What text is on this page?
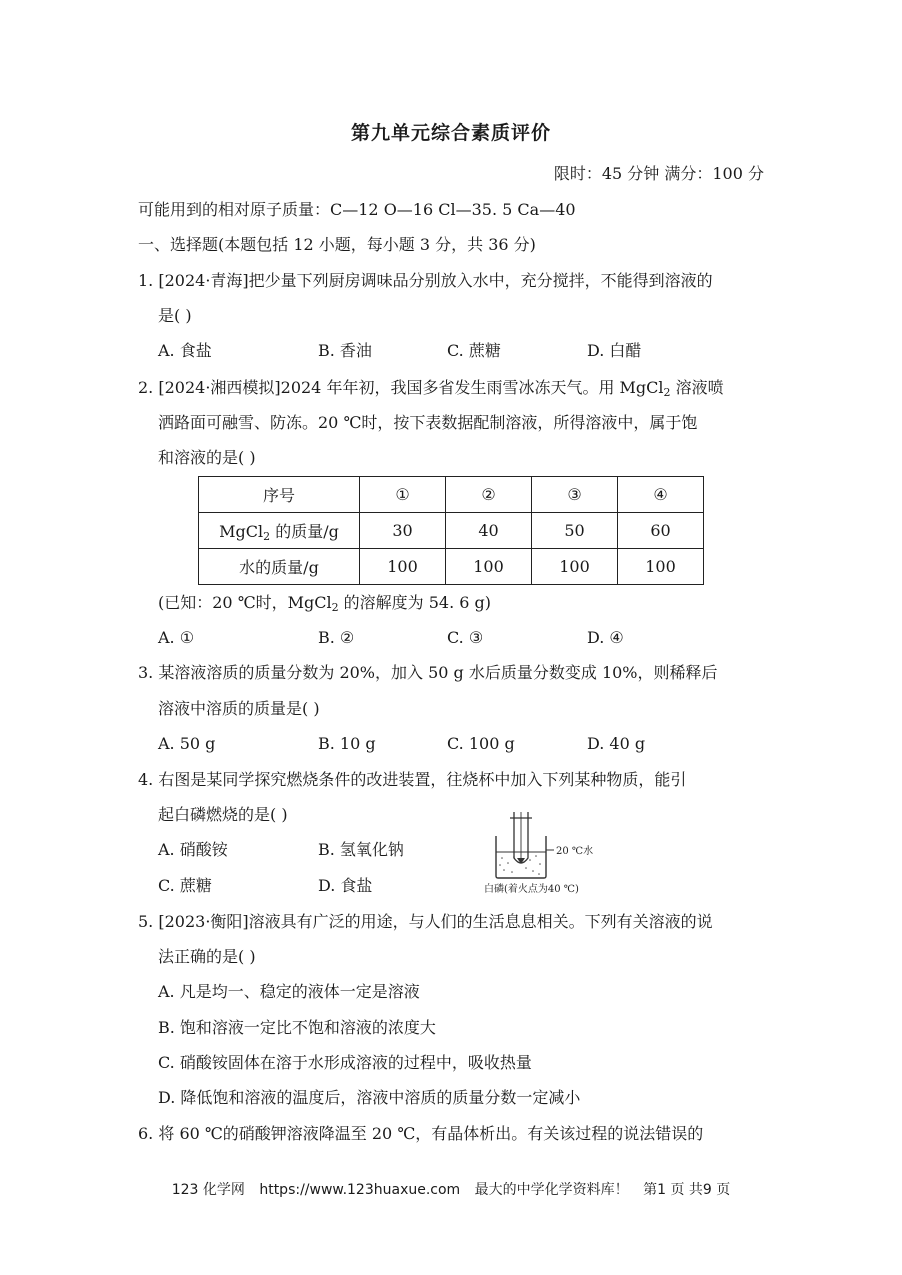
第九单元综合素质评价
限时：45 分钟 满分：100 分
可能用到的相对原子质量：C—12 O—16 Cl—35. 5 Ca—40
一、选择题(本题包括 12 小题，每小题 3 分，共 36 分)
1. [2024·青海]把少量下列厨房调味品分别放入水中，充分搅拌，不能得到溶液的
是( )
A. 食盐	B. 香油	C. 蔗糖	D. 白醋
2. [2024·湘西模拟]2024 年年初，我国多省发生雨雪冰冻天气。用 MgCl$_2$ 溶液喷
洒路面可融雪、防冻。20 ℃时，按下表数据配制溶液，所得溶液中，属于饱
和溶液的是( )
序号	①	②	③	④
MgCl$_2$ 的质量/g	30	40	50	60
水的质量/g	100	100	100	100
(已知：20 ℃时，MgCl$_2$ 的溶解度为 54. 6 g)
A. ①	B. ②	C. ③	D. ④
3. 某溶液溶质的质量分数为 20%，加入 50 g 水后质量分数变成 10%，则稀释后
溶液中溶质的质量是( )
A. 50 g	B. 10 g	C. 100 g	D. 40 g
4. 右图是某同学探究燃烧条件的改进装置，往烧杯中加入下列某种物质，能引
起白磷燃烧的是( )
A. 硝酸铵	B. 氢氧化钠
C. 蔗糖	D. 食盐
20 ℃水
白磷(着火点为40 ℃)
5. [2023·衡阳]溶液具有广泛的用途，与人们的生活息息相关。下列有关溶液的说
法正确的是( )
A. 凡是均一、稳定的液体一定是溶液
B. 饱和溶液一定比不饱和溶液的浓度大
C. 硝酸铵固体在溶于水形成溶液的过程中，吸收热量
D. 降低饱和溶液的温度后，溶液中溶质的质量分数一定减小
6. 将 60 ℃的硝酸钾溶液降温至 20 ℃，有晶体析出。有关该过程的说法错误的
123 化学网 https://www.123huaxue.com 最大的中学化学资料库！ 第1 页 共9 页
